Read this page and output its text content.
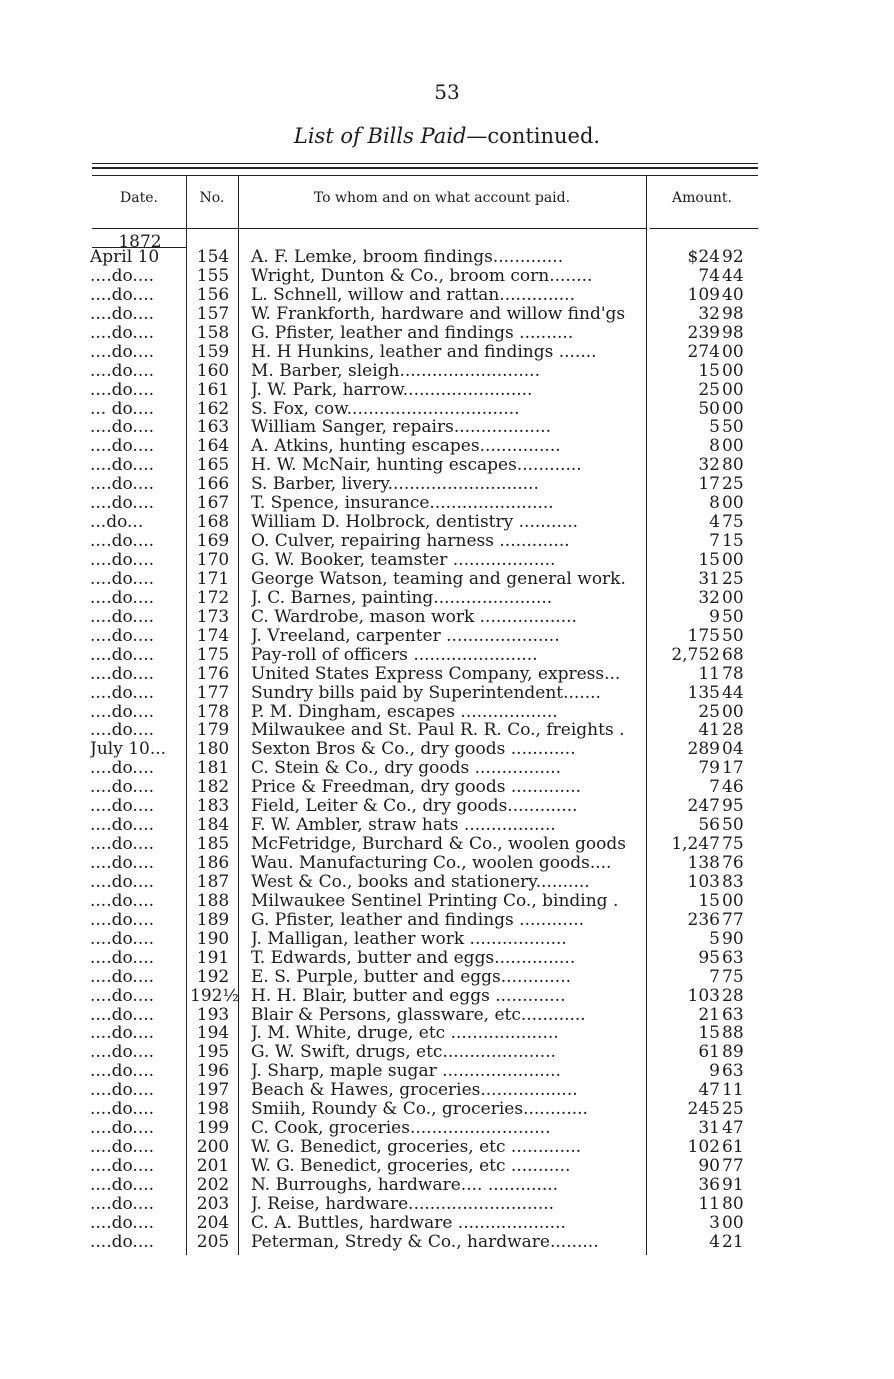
53
List of Bills Paid—continued.
Date.	No.	To whom and on what account paid.	Amount.
1872
April 10	154	A. F. Lemke, broom findings.............	$24 92
....do....	155	Wright, Dunton & Co., broom corn........	74 44
....do....	156	L. Schnell, willow and rattan..............	109 40
....do....	157	W. Frankforth, hardware and willow find'gs	32 98
....do....	158	G. Pfister, leather and findings ..........	239 98
....do....	159	H. H Hunkins, leather and findings .......	274 00
....do....	160	M. Barber, sleigh..........................	15 00
....do....	161	J. W. Park, harrow........................	25 00
... do....	162	S. Fox, cow................................	50 00
....do....	163	William Sanger, repairs..................	5 50
....do....	164	A. Atkins, hunting escapes...............	8 00
....do....	165	H. W. McNair, hunting escapes............	32 80
....do....	166	S. Barber, livery............................	17 25
....do....	167	T. Spence, insurance.......................	8 00
...do...	168	William D. Holbrock, dentistry ...........	4 75
....do....	169	O. Culver, repairing harness .............	7 15
....do....	170	G. W. Booker, teamster ...................	15 00
....do....	171	George Watson, teaming and general work.	31 25
....do....	172	J. C. Barnes, painting......................	32 00
....do....	173	C. Wardrobe, mason work ..................	9 50
....do....	174	J. Vreeland, carpenter .....................	175 50
....do....	175	Pay-roll of officers .......................	2,752 68
....do....	176	United States Express Company, express...	11 78
....do....	177	Sundry bills paid by Superintendent.......	135 44
....do....	178	P. M. Dingham, escapes ..................	25 00
....do....	179	Milwaukee and St. Paul R. R. Co., freights .	41 28
July 10...	180	Sexton Bros & Co., dry goods ............	289 04
....do....	181	C. Stein & Co., dry goods ................	79 17
....do....	182	Price & Freedman, dry goods .............	7 46
....do....	183	Field, Leiter & Co., dry goods.............	247 95
....do....	184	F. W. Ambler, straw hats .................	56 50
....do....	185	McFetridge, Burchard & Co., woolen goods	1,247 75
....do....	186	Wau. Manufacturing Co., woolen goods....	138 76
....do....	187	West & Co., books and stationery..........	103 83
....do....	188	Milwaukee Sentinel Printing Co., binding .	15 00
....do....	189	G. Pfister, leather and findings ............	236 77
....do....	190	J. Malligan, leather work ..................	5 90
....do....	191	T. Edwards, butter and eggs...............	95 63
....do....	192	E. S. Purple, butter and eggs.............	7 75
....do....	192½ H. H. Blair, butter and eggs .............	103 28
....do....	193	Blair & Persons, glassware, etc............	21 63
....do....	194	J. M. White, druge, etc ....................	15 88
....do....	195	G. W. Swift, drugs, etc.....................	61 89
....do....	196	J. Sharp, maple sugar ......................	9 63
....do....	197	Beach & Hawes, groceries..................	47 11
....do....	198	Smiih, Roundy & Co., groceries............	245 25
....do....	199	C. Cook, groceries..........................	31 47
....do....	200	W. G. Benedict, groceries, etc .............	102 61
....do....	201	W. G. Benedict, groceries, etc ...........	90 77
....do....	202	N. Burroughs, hardware.... .............	36 91
....do....	203	J. Reise, hardware...........................	11 80
....do....	204	C. A. Buttles, hardware ....................	3 00
....do....	205	Peterman, Stredy & Co., hardware.........	4 21
